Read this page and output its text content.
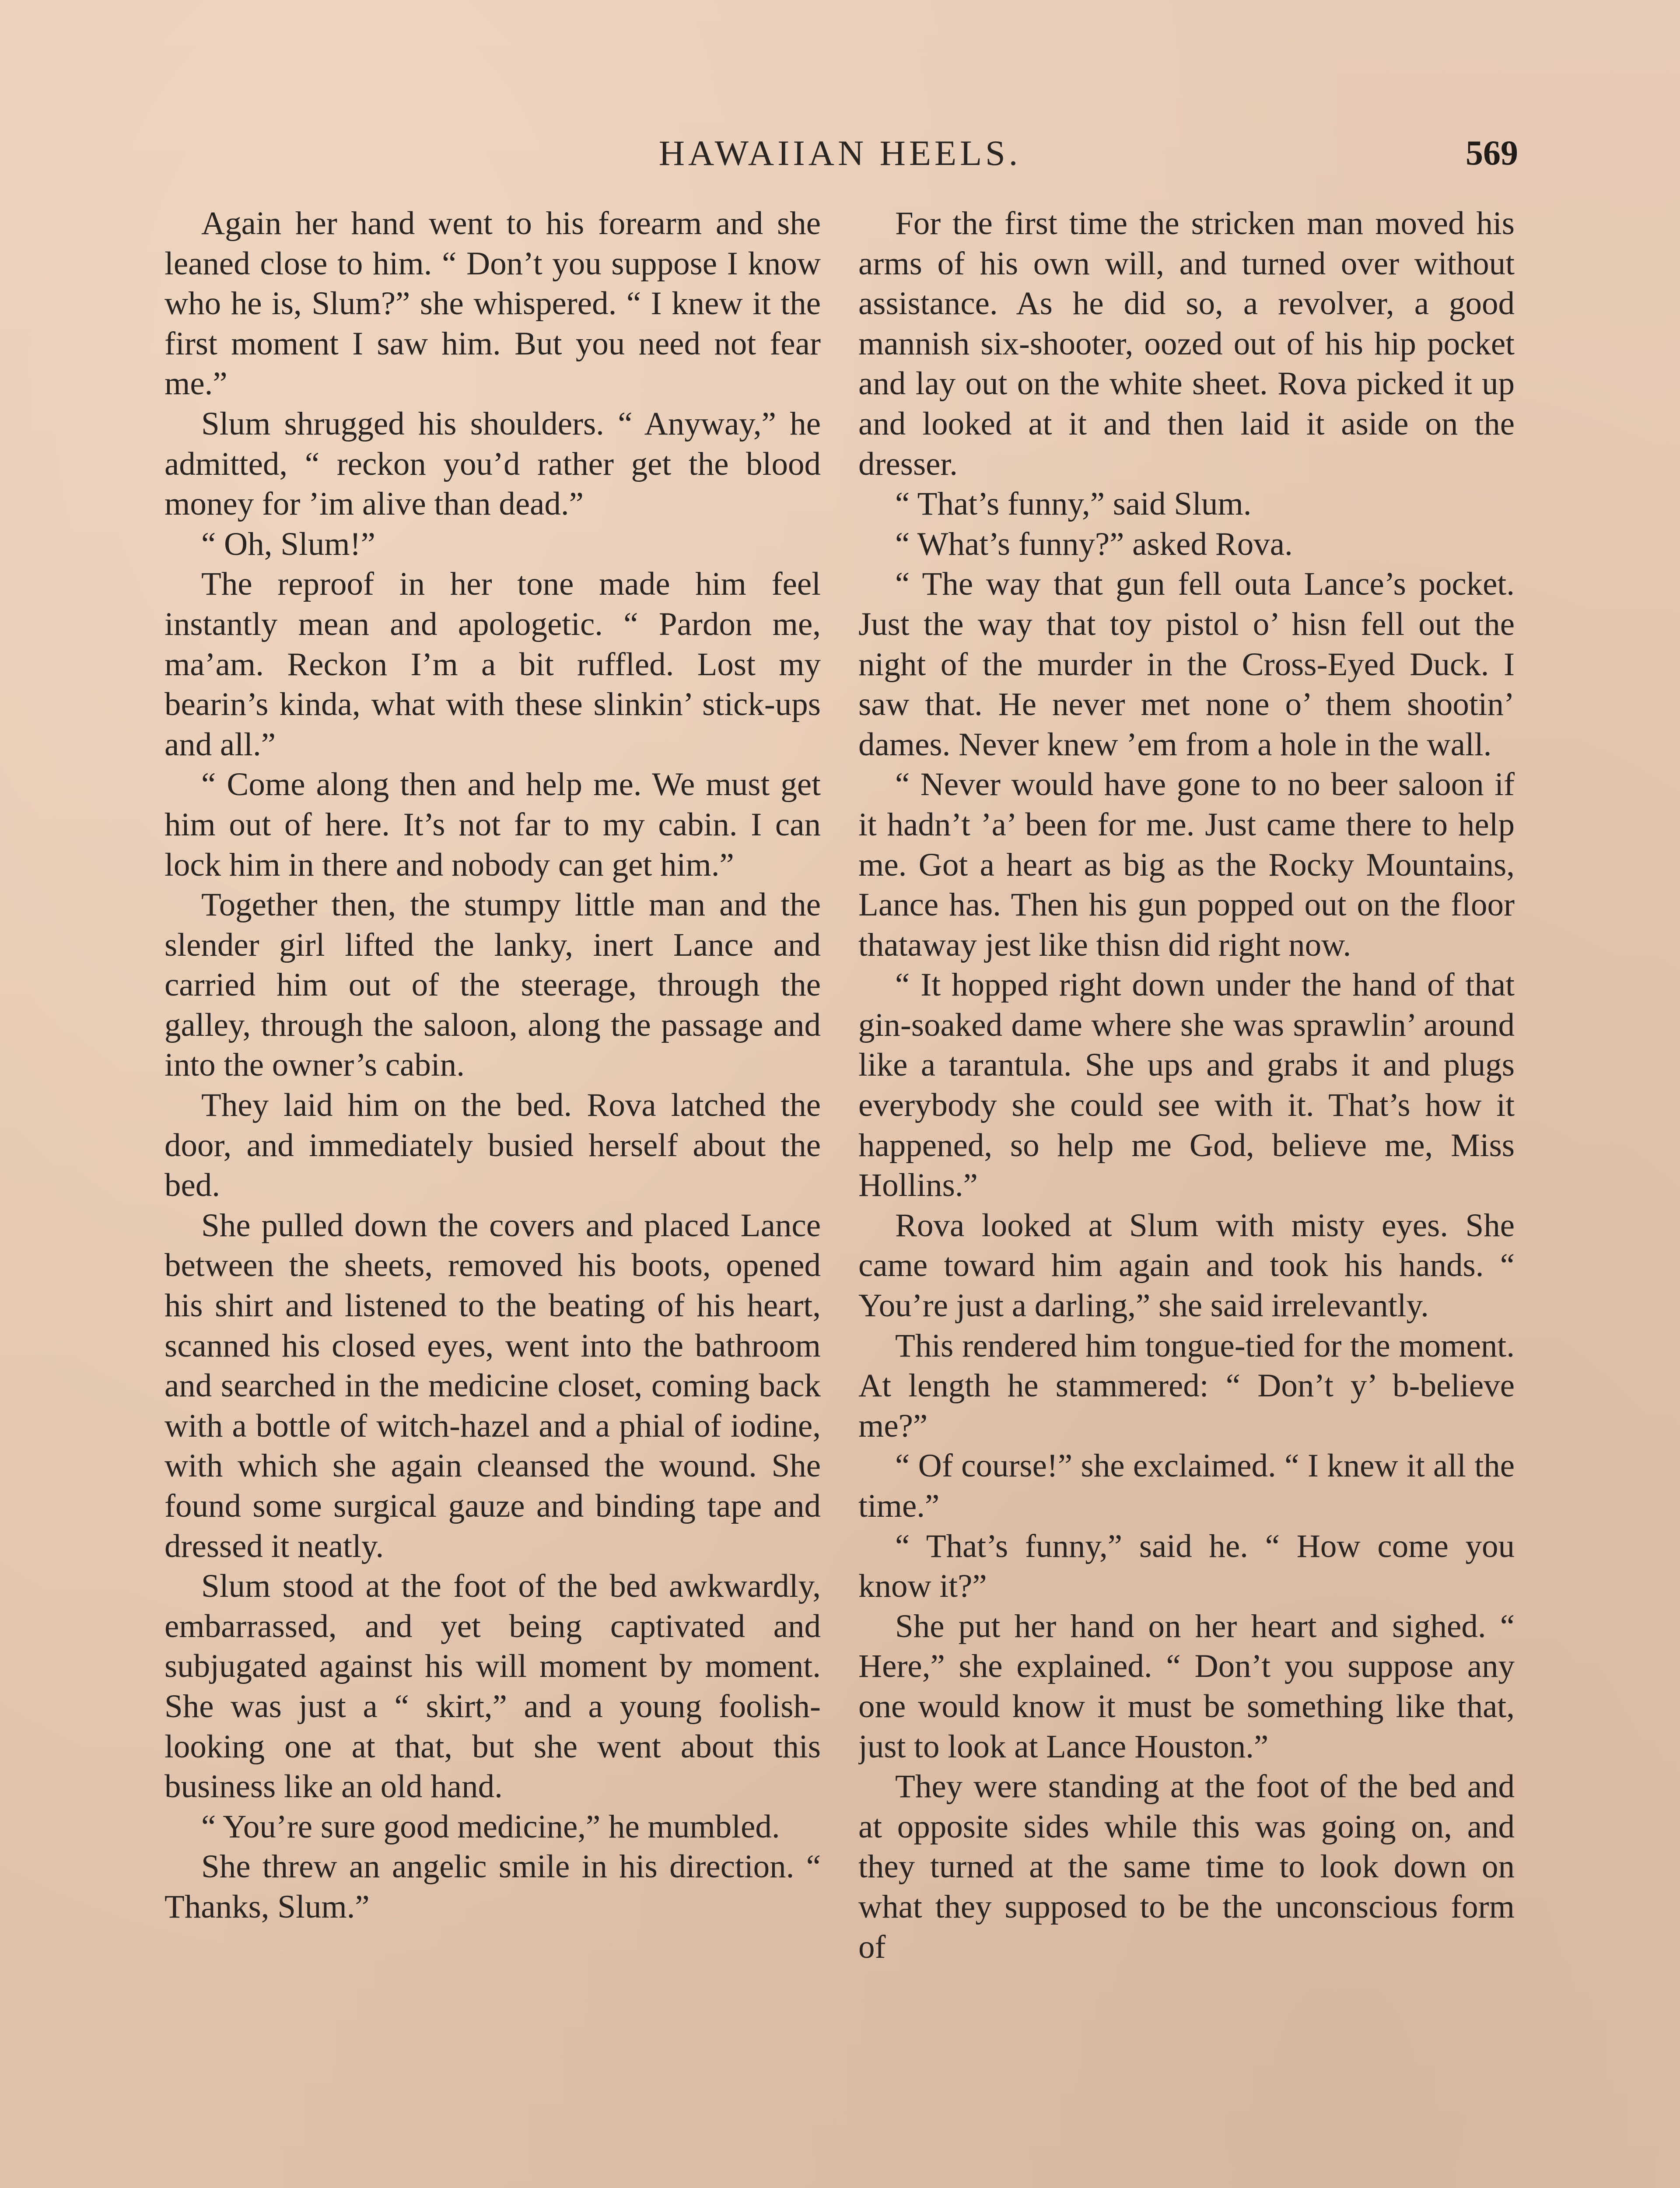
HAWAIIAN HEELS.	569

Again her hand went to his forearm and she leaned close to him. “ Don’t you suppose I know who he is, Slum?” she whispered. “ I knew it the first moment I saw him. But you need not fear me.”

Slum shrugged his shoulders. “ Anyway,” he admitted, “ reckon you’d rather get the blood money for ’im alive than dead.”

“ Oh, Slum!”

The reproof in her tone made him feel instantly mean and apologetic. “ Pardon me, ma’am. Reckon I’m a bit ruffled. Lost my bearin’s kinda, what with these slinkin’ stick-ups and all.”

“ Come along then and help me. We must get him out of here. It’s not far to my cabin. I can lock him in there and nobody can get him.”

Together then, the stumpy little man and the slender girl lifted the lanky, inert Lance and carried him out of the steerage, through the galley, through the saloon, along the passage and into the owner’s cabin.

They laid him on the bed. Rova latched the door, and immediately busied herself about the bed.

She pulled down the covers and placed Lance between the sheets, removed his boots, opened his shirt and listened to the beating of his heart, scanned his closed eyes, went into the bathroom and searched in the medicine closet, coming back with a bottle of witch-hazel and a phial of iodine, with which she again cleansed the wound. She found some surgical gauze and binding tape and dressed it neatly.

Slum stood at the foot of the bed awkwardly, embarrassed, and yet being captivated and subjugated against his will moment by moment. She was just a “ skirt,” and a young foolish-looking one at that, but she went about this business like an old hand.

“ You’re sure good medicine,” he mumbled.

She threw an angelic smile in his direction. “ Thanks, Slum.”

For the first time the stricken man moved his arms of his own will, and turned over without assistance. As he did so, a revolver, a good mannish six-shooter, oozed out of his hip pocket and lay out on the white sheet. Rova picked it up and looked at it and then laid it aside on the dresser.

“ That’s funny,” said Slum.

“ What’s funny?” asked Rova.

“ The way that gun fell outa Lance’s pocket. Just the way that toy pistol o’ hisn fell out the night of the murder in the Cross-Eyed Duck. I saw that. He never met none o’ them shootin’ dames. Never knew ’em from a hole in the wall.

“ Never would have gone to no beer saloon if it hadn’t ’a’ been for me. Just came there to help me. Got a heart as big as the Rocky Mountains, Lance has. Then his gun popped out on the floor thataway jest like thisn did right now.

“ It hopped right down under the hand of that gin-soaked dame where she was sprawlin’ around like a tarantula. She ups and grabs it and plugs everybody she could see with it. That’s how it happened, so help me God, believe me, Miss Hollins.”

Rova looked at Slum with misty eyes. She came toward him again and took his hands. “ You’re just a darling,” she said irrelevantly.

This rendered him tongue-tied for the moment. At length he stammered: “ Don’t y’ b-believe me?”

“ Of course!” she exclaimed. “ I knew it all the time.”

“ That’s funny,” said he. “ How come you know it?”

She put her hand on her heart and sighed. “ Here,” she explained. “ Don’t you suppose any one would know it must be something like that, just to look at Lance Houston.”

They were standing at the foot of the bed and at opposite sides while this was going on, and they turned at the same time to look down on what they supposed to be the unconscious form of
